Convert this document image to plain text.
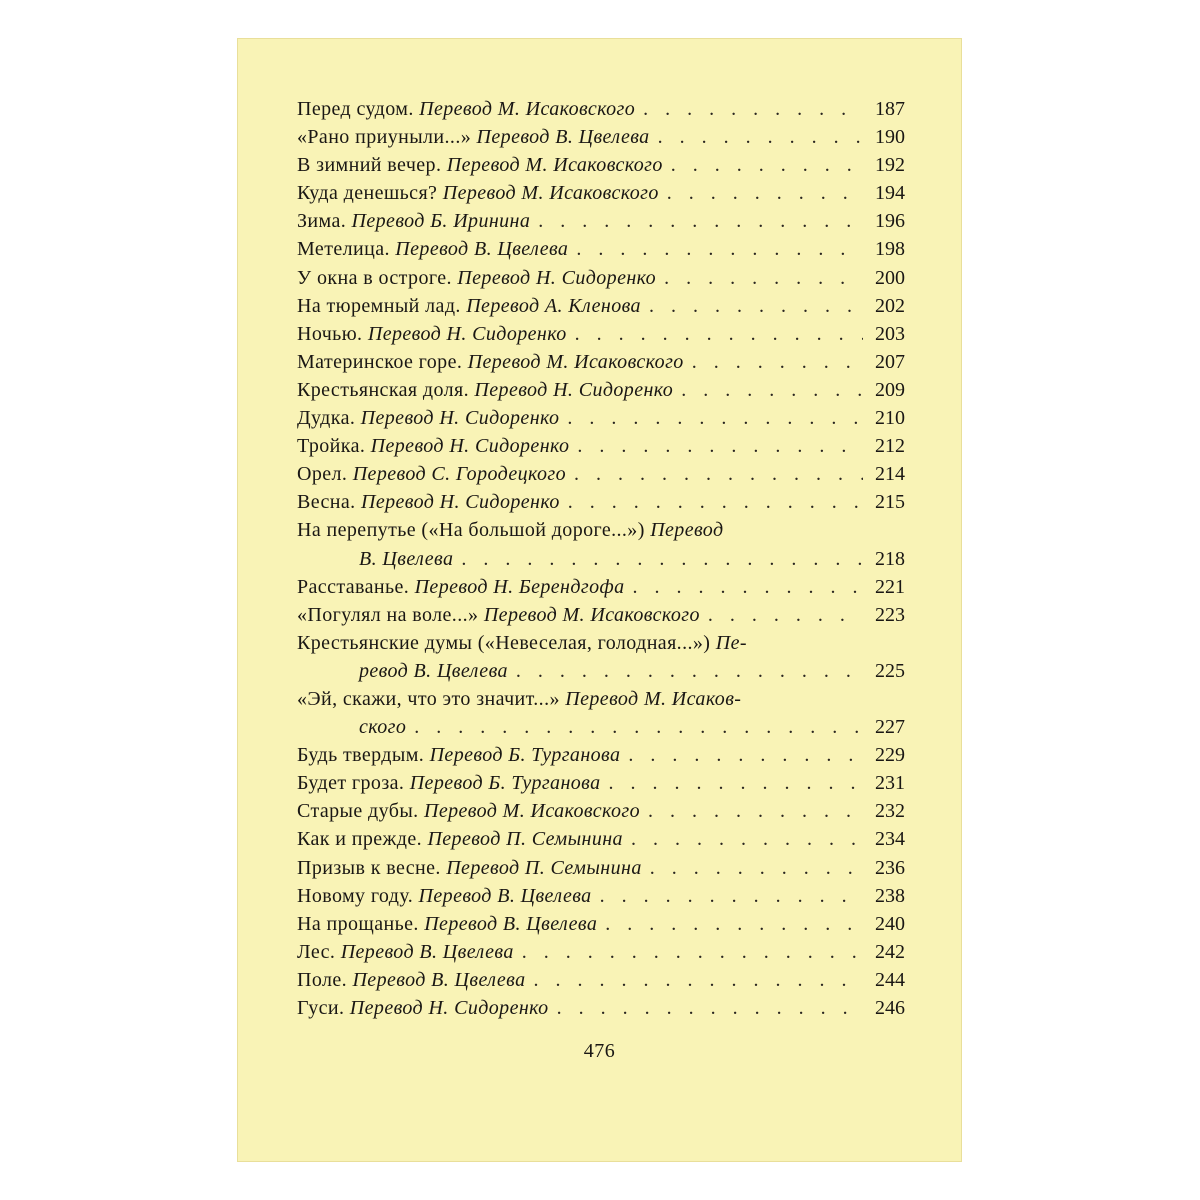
Перед судом. Перевод М. Исаковского . . .	187
«Рано приуныли...» Перевод В. Цвелева . . .	190
В зимний вечер. Перевод М. Исаковского . . .	192
Куда денешься? Перевод М. Исаковского . . .	194
Зима. Перевод Б. Иринина . . .	196
Метелица. Перевод В. Цвелева . . .	198
У окна в остроге. Перевод Н. Сидоренко . . .	200
На тюремный лад. Перевод А. Кленова . . .	202
Ночью. Перевод Н. Сидоренко . . .	203
Материнское горе. Перевод М. Исаковского . . .	207
Крестьянская доля. Перевод Н. Сидоренко . . .	209
Дудка. Перевод Н. Сидоренко . . .	210
Тройка. Перевод Н. Сидоренко . . .	212
Орел. Перевод С. Городецкого . . .	214
Весна. Перевод Н. Сидоренко . . .	215
На перепутье («На большой дороге...») Перевод
В. Цвелева . . .	218
Расставанье. Перевод Н. Берендгофа . . .	221
«Погулял на воле...» Перевод М. Исаковского . . .	223
Крестьянские думы («Невеселая, голодная...») Пе-
ревод В. Цвелева . . .	225
«Эй, скажи, что это значит...» Перевод М. Исаков-
ского . . .	227
Будь твердым. Перевод Б. Турганова . . .	229
Будет гроза. Перевод Б. Турганова . . .	231
Старые дубы. Перевод М. Исаковского . . .	232
Как и прежде. Перевод П. Семынина . . .	234
Призыв к весне. Перевод П. Семынина . . .	236
Новому году. Перевод В. Цвелева . . .	238
На прощанье. Перевод В. Цвелева . . .	240
Лес. Перевод В. Цвелева . . .	242
Поле. Перевод В. Цвелева . . .	244
Гуси. Перевод Н. Сидоренко . . .	246
476
